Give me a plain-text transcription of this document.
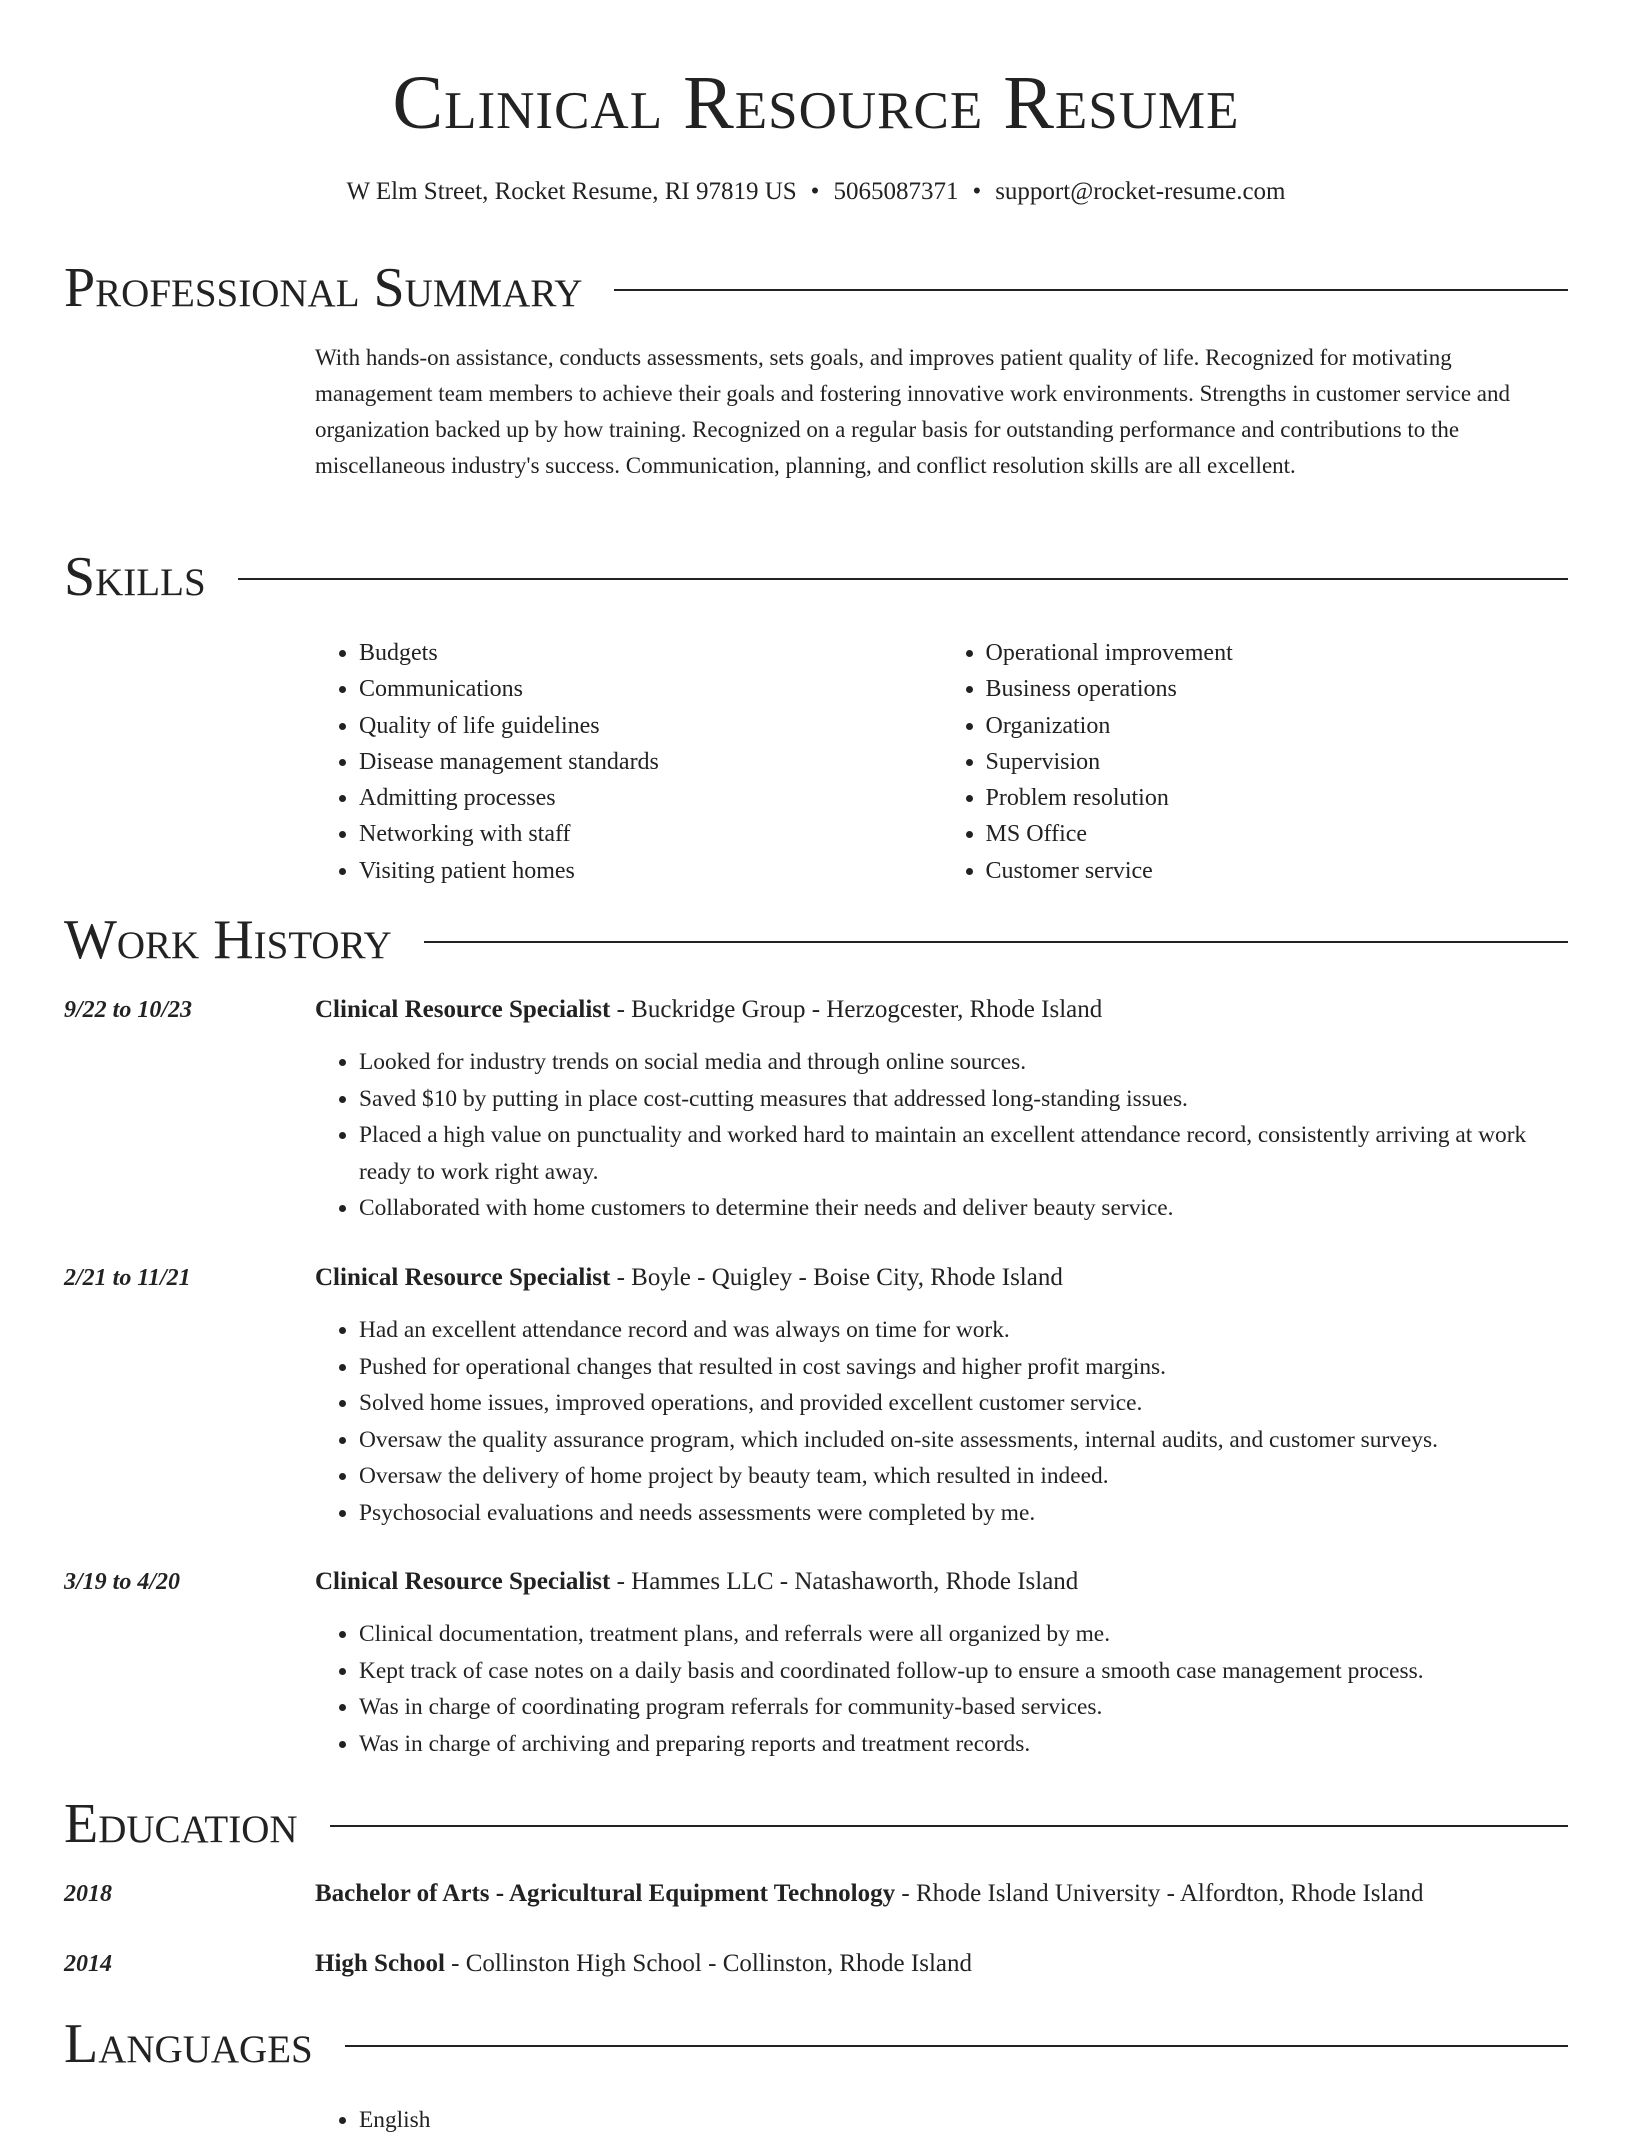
Clinical Resource Resume
W Elm Street, Rocket Resume, RI 97819 US • 5065087371 • support@rocket-resume.com
Professional Summary

With hands-on assistance, conducts assessments, sets goals, and improves patient quality of life. Recognized for motivating management team members to achieve their goals and fostering innovative work environments. Strengths in customer service and organization backed up by how training. Recognized on a regular basis for outstanding performance and contributions to the miscellaneous industry's success. Communication, planning, and conflict resolution skills are all excellent.

Skills
• Budgets
• Communications
• Quality of life guidelines
• Disease management standards
• Admitting processes
• Networking with staff
• Visiting patient homes
• Operational improvement
• Business operations
• Organization
• Supervision
• Problem resolution
• MS Office
• Customer service
Work History
9/22 to 10/23	Clinical Resource Specialist - Buckridge Group - Herzogcester, Rhode Island
• Looked for industry trends on social media and through online sources.
• Saved $10 by putting in place cost-cutting measures that addressed long-standing issues.
• Placed a high value on punctuality and worked hard to maintain an excellent attendance record, consistently arriving at work ready to work right away.
• Collaborated with home customers to determine their needs and deliver beauty service.
2/21 to 11/21	Clinical Resource Specialist - Boyle - Quigley - Boise City, Rhode Island
• Had an excellent attendance record and was always on time for work.
• Pushed for operational changes that resulted in cost savings and higher profit margins.
• Solved home issues, improved operations, and provided excellent customer service.
• Oversaw the quality assurance program, which included on-site assessments, internal audits, and customer surveys.
• Oversaw the delivery of home project by beauty team, which resulted in indeed.
• Psychosocial evaluations and needs assessments were completed by me.
3/19 to 4/20	Clinical Resource Specialist - Hammes LLC - Natashaworth, Rhode Island
• Clinical documentation, treatment plans, and referrals were all organized by me.
• Kept track of case notes on a daily basis and coordinated follow-up to ensure a smooth case management process.
• Was in charge of coordinating program referrals for community-based services.
• Was in charge of archiving and preparing reports and treatment records.
Education
2018	Bachelor of Arts - Agricultural Equipment Technology - Rhode Island University - Alfordton, Rhode Island
2014	High School - Collinston High School - Collinston, Rhode Island
Languages
• English
